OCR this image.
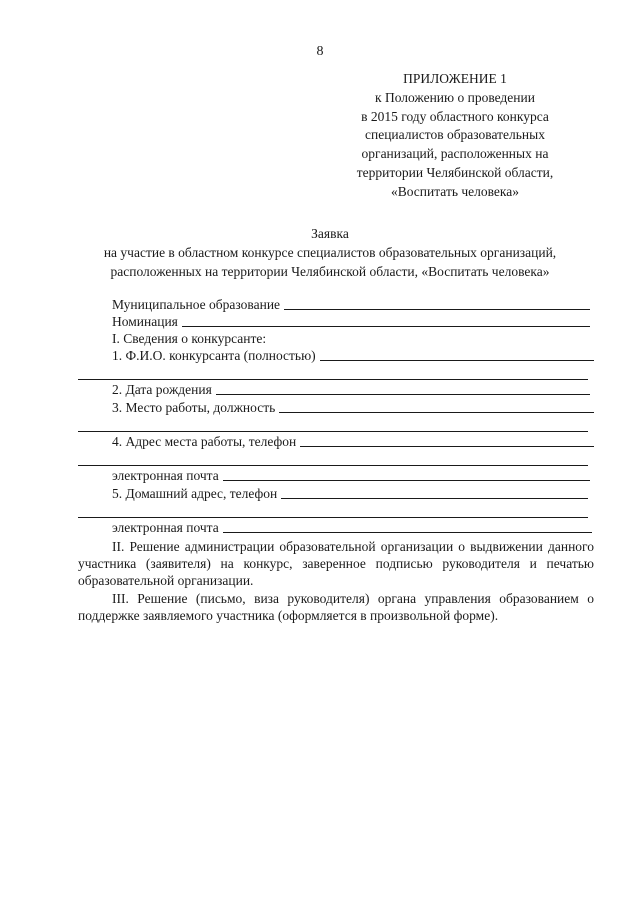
8
ПРИЛОЖЕНИЕ 1
к Положению о проведении
в 2015 году областного конкурса
специалистов образовательных
организаций, расположенных на
территории Челябинской области,
«Воспитать человека»
Заявка
на участие в областном конкурсе специалистов образовательных организаций,
расположенных на территории Челябинской области, «Воспитать человека»
Муниципальное образование
Номинация
I. Сведения о конкурсанте:
1. Ф.И.О. конкурсанта (полностью)
2. Дата рождения
3. Место работы, должность
4. Адрес места работы, телефон
электронная почта
5. Домашний адрес, телефон
электронная почта
II. Решение администрации образовательной организации о выдвижении данного участника (заявителя) на конкурс, заверенное подписью руководителя и печатью образовательной организации.
III. Решение (письмо, виза руководителя) органа управления образованием о поддержке заявляемого участника (оформляется в произвольной форме).
